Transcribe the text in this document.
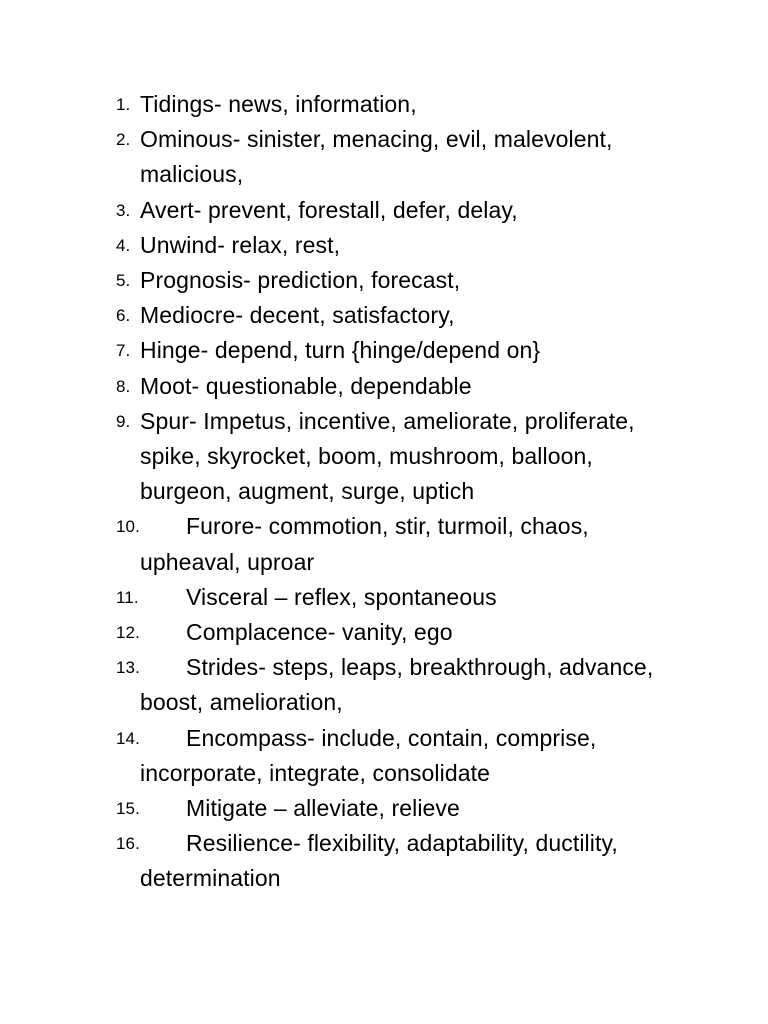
1. Tidings- news, information,
2. Ominous- sinister, menacing, evil, malevolent, malicious,
3. Avert- prevent, forestall, defer, delay,
4. Unwind- relax, rest,
5. Prognosis- prediction, forecast,
6. Mediocre- decent, satisfactory,
7. Hinge- depend, turn {hinge/depend on}
8. Moot- questionable, dependable
9. Spur- Impetus, incentive, ameliorate, proliferate, spike, skyrocket, boom, mushroom, balloon, burgeon, augment, surge, uptich
10. Furore- commotion, stir, turmoil, chaos, upheaval, uproar
11. Visceral – reflex, spontaneous
12. Complacence- vanity, ego
13. Strides- steps, leaps, breakthrough, advance, boost, amelioration,
14. Encompass- include, contain, comprise, incorporate, integrate, consolidate
15. Mitigate – alleviate, relieve
16. Resilience- flexibility, adaptability, ductility, determination
